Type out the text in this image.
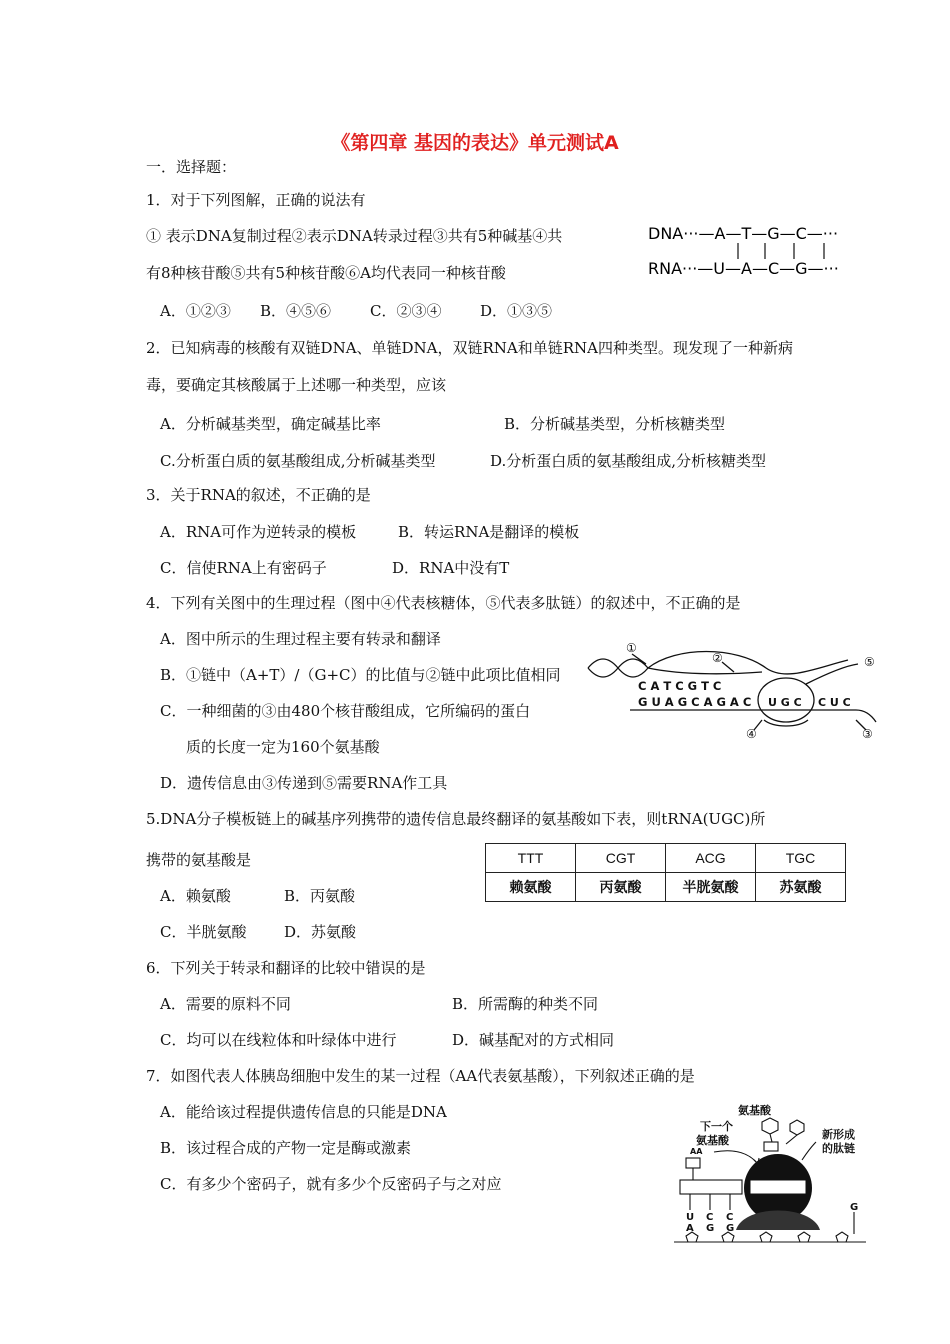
《第四章 基因的表达》单元测试A
一．选择题：
1．对于下列图解，正确的说法有
① 表示DNA复制过程②表示DNA转录过程③共有5种碱基④共
有8种核苷酸⑤共有5种核苷酸⑥A均代表同一种核苷酸
A．①②③ B．④⑤⑥	C．②③④	D．①③⑤
DNA···—A—T—G—C—···
RNA···—U—A—C—G—···
2．已知病毒的核酸有双链DNA、单链DNA，双链RNA和单链RNA四种类型。现发现了一种新病
毒，要确定其核酸属于上述哪一种类型，应该
A．分析碱基类型，确定碱基比率	B．分析碱基类型，分析核糖类型
C.分析蛋白质的氨基酸组成,分析碱基类型	D.分析蛋白质的氨基酸组成,分析核糖类型
3．关于RNA的叙述，不正确的是
A．RNA可作为逆转录的模板	B．转运RNA是翻译的模板
C．信使RNA上有密码子	D．RNA中没有T
4．下列有关图中的生理过程（图中④代表核糖体，⑤代表多肽链）的叙述中，不正确的是
A．图中所示的生理过程主要有转录和翻译
B．①链中（A+T）/（G+C）的比值与②链中此项比值相同
C．一种细菌的③由480个核苷酸组成，它所编码的蛋白
质的长度一定为160个氨基酸
D．遗传信息由③传递到⑤需要RNA作工具
①
②
③
④
⑤
C A T C G T C
G U A G C A G A C U G C C U C
5.DNA分子模板链上的碱基序列携带的遗传信息最终翻译的氨基酸如下表，则tRNA(UGC)所
携带的氨基酸是
A．赖氨酸	B．丙氨酸
C．半胱氨酸	D．苏氨酸
TTT	CGT	ACG	TGC
赖氨酸	丙氨酸	半胱氨酸	苏氨酸
6．下列关于转录和翻译的比较中错误的是
A．需要的原料不同	B．所需酶的种类不同
C．均可以在线粒体和叶绿体中进行	D．碱基配对的方式相同
7．如图代表人体胰岛细胞中发生的某一过程（AA代表氨基酸），下列叙述正确的是
A．能给该过程提供遗传信息的只能是DNA
B．该过程合成的产物一定是酶或激素
C．有多少个密码子，就有多少个反密码子与之对应
氨基酸
下一个
氨基酸	新形成
的肽链
AA
U C C
A G G
G
